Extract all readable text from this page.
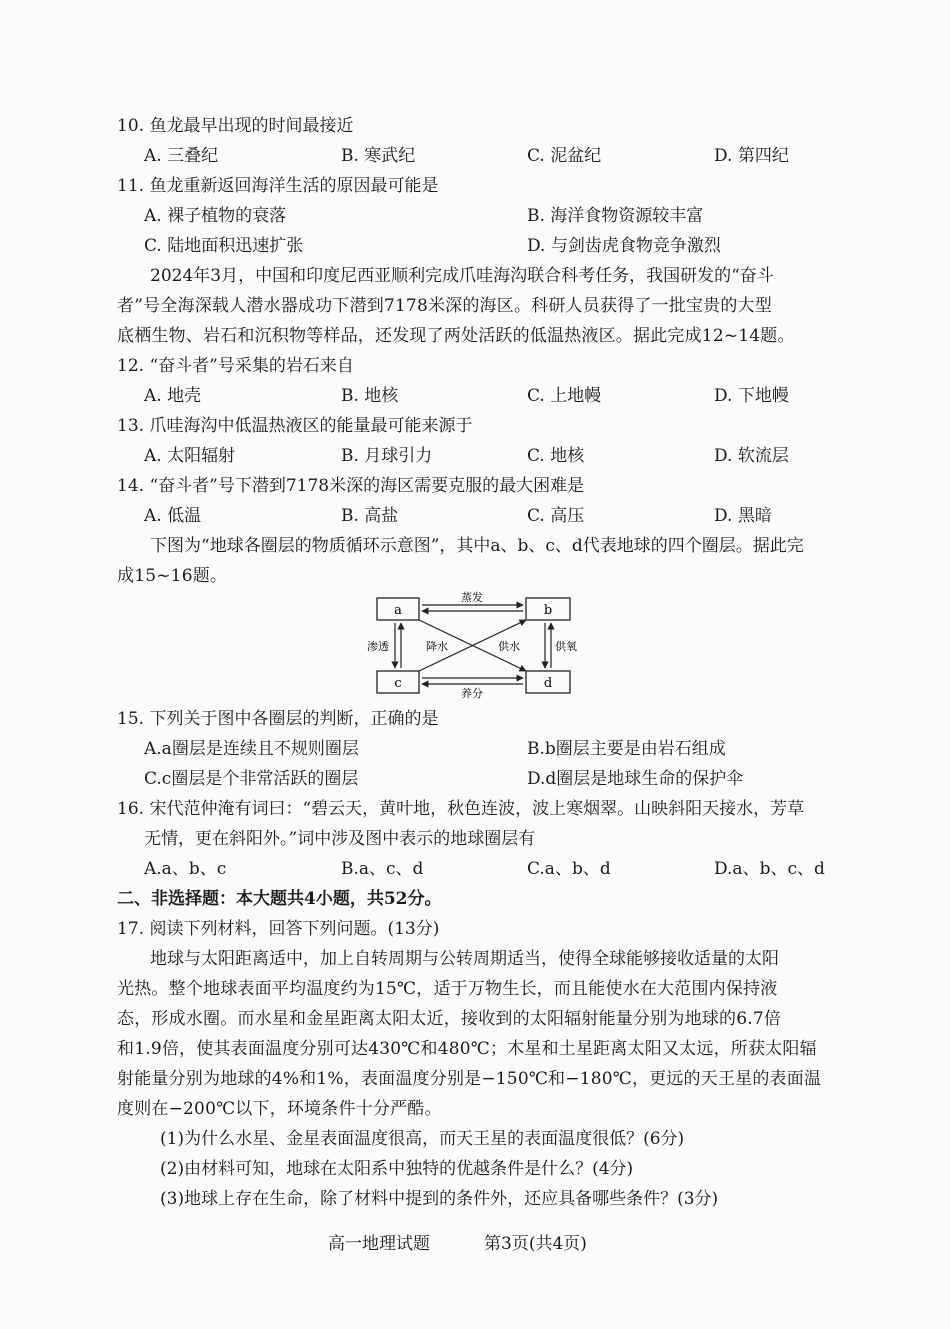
10. 鱼龙最早出现的时间最接近
A. 三叠纪	B. 寒武纪	C. 泥盆纪	D. 第四纪
11. 鱼龙重新返回海洋生活的原因最可能是
A. 裸子植物的衰落	B. 海洋食物资源较丰富
C. 陆地面积迅速扩张	D. 与剑齿虎食物竞争激烈
2024年3月，中国和印度尼西亚顺利完成爪哇海沟联合科考任务，我国研发的“奋斗
者”号全海深载人潜水器成功下潜到7178米深的海区。科研人员获得了一批宝贵的大型
底栖生物、岩石和沉积物等样品，还发现了两处活跃的低温热液区。据此完成12~14题。
12. “奋斗者”号采集的岩石来自
A. 地壳	B. 地核	C. 上地幔	D. 下地幔
13. 爪哇海沟中低温热液区的能量最可能来源于
A. 太阳辐射	B. 月球引力	C. 地核	D. 软流层
14. “奋斗者”号下潜到7178米深的海区需要克服的最大困难是
A. 低温	B. 高盐	C. 高压	D. 黑暗
下图为“地球各圈层的物质循环示意图”，其中a、b、c、d代表地球的四个圈层。据此完
成15~16题。
a	b
c	d
蒸发
养分
渗透	供氧
降水	供水
15. 下列关于图中各圈层的判断，正确的是
A.a圈层是连续且不规则圈层	B.b圈层主要是由岩石组成
C.c圈层是个非常活跃的圈层	D.d圈层是地球生命的保护伞
16. 宋代范仲淹有词曰：“碧云天，黄叶地，秋色连波，波上寒烟翠。山映斜阳天接水，芳草
无情，更在斜阳外。”词中涉及图中表示的地球圈层有
A.a、b、c	B.a、c、d	C.a、b、d	D.a、b、c、d
二、非选择题：本大题共4小题，共52分。
17. 阅读下列材料，回答下列问题。(13分)
地球与太阳距离适中，加上自转周期与公转周期适当，使得全球能够接收适量的太阳
光热。整个地球表面平均温度约为15℃，适于万物生长，而且能使水在大范围内保持液
态，形成水圈。而水星和金星距离太阳太近，接收到的太阳辐射能量分别为地球的6.7倍
和1.9倍，使其表面温度分别可达430℃和480℃；木星和土星距离太阳又太远，所获太阳辐
射能量分别为地球的4%和1%，表面温度分别是−150℃和−180℃，更远的天王星的表面温
度则在−200℃以下，环境条件十分严酷。
(1)为什么水星、金星表面温度很高，而天王星的表面温度很低？(6分)
(2)由材料可知，地球在太阳系中独特的优越条件是什么？(4分)
(3)地球上存在生命，除了材料中提到的条件外，还应具备哪些条件？(3分)
高一地理试题	第3页(共4页)
